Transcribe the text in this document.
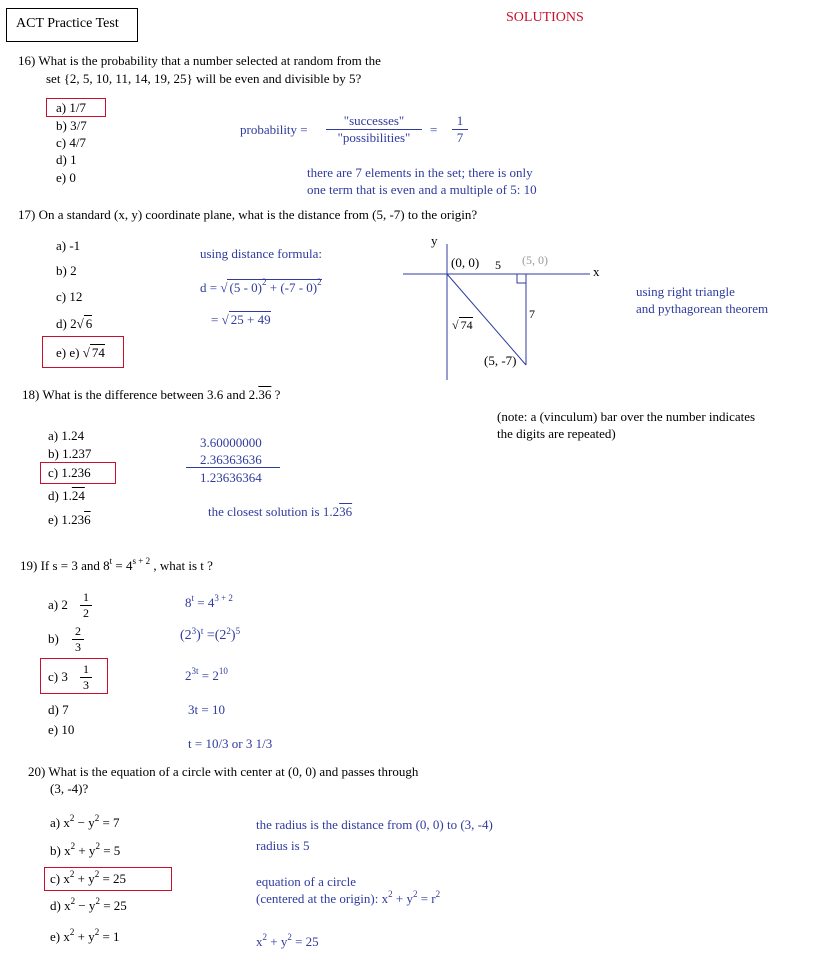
ACT Practice Test	SOLUTIONS
16) What is the probability that a number selected at random from the
set {2, 5, 10, 11, 14, 19, 25} will be even and divisible by 5?
a) 1/7
b) 3/7
c) 4/7
d) 1
e) 0
probability =
"successes"
"possibilities"
=
1
7
there are 7 elements in the set; there is only
one term that is even and a multiple of 5: 10
17) On a standard (x, y) coordinate plane, what is the distance from (5, -7) to the origin?
a) -1
b) 2
c) 12
d) 2√ 6
e) e) √ 74
using distance formula:
d = √ (5 - 0)$^2$ + (-7 - 0)$^2$
= √ 25 + 49
y
x
(0, 0) 5 (5, 0)
7
√ 74
(5, -7)
using right triangle
and pythagorean theorem
18) What is the difference between 3.6 and 2.36 ?
(note: a (vinculum) bar over the number indicates
the digits are repeated)
a) 1.24
b) 1.237
c) 1.236
d) 1.24
e) 1.236
3.60000000
2.36363636
1.23636364
the closest solution is 1.236
19) If s = 3 and $8^t = 4^{s + 2}$ , what is t ?
a) 2 1
2
b) 2
3
c) 3 1
3
d) 7
e) 10
$8^t = 4^{3 + 2}$
$(2^3)^t =(2^2)^5$
$2^{3t} = 2^{10}$
3t = 10
t = 10/3 or 3 1/3
20) What is the equation of a circle with center at (0, 0) and passes through
(3, -4)?
a) $x^2 - y^2 = 7$
b) $x^2 + y^2 = 5$
c) $x^2 + y^2 = 25$
d) $x^2 - y^2 = 25$
e) $x^2 + y^2 = 1$
the radius is the distance from (0, 0) to (3, -4)
radius is 5
equation of a circle
(centered at the origin): $x^2 + y^2 = r^2$
$x^2 + y^2 = 25$
